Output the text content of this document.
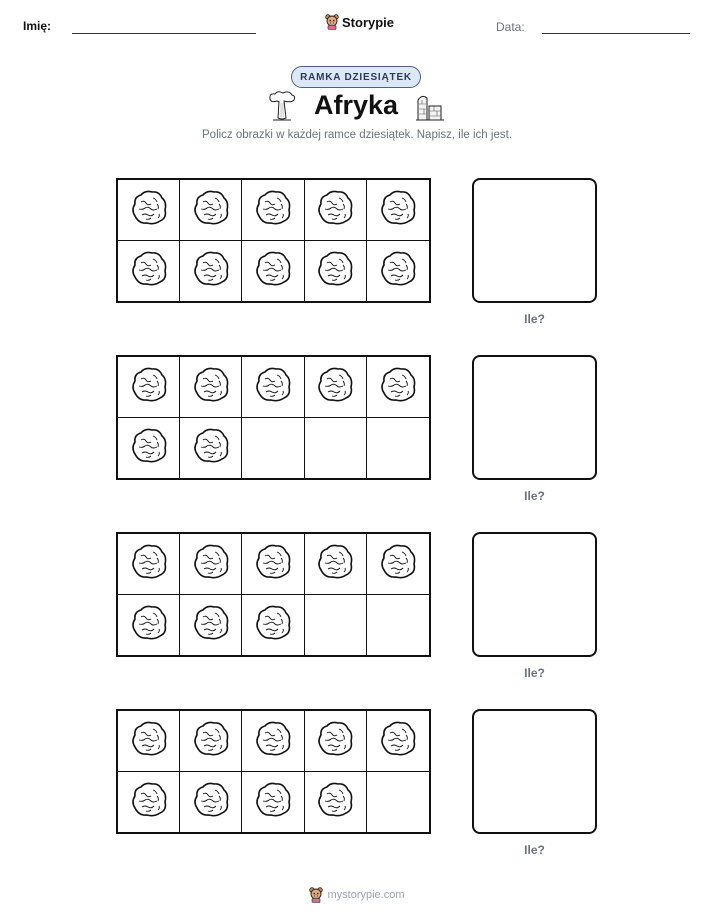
Imię:	Storypie	Data:
RAMKA DZIESIĄTEK
Afryka
Policz obrazki w każdej ramce dziesiątek. Napisz, ile ich jest.
Ile?
Ile?
Ile?
Ile?
mystorypie.com
